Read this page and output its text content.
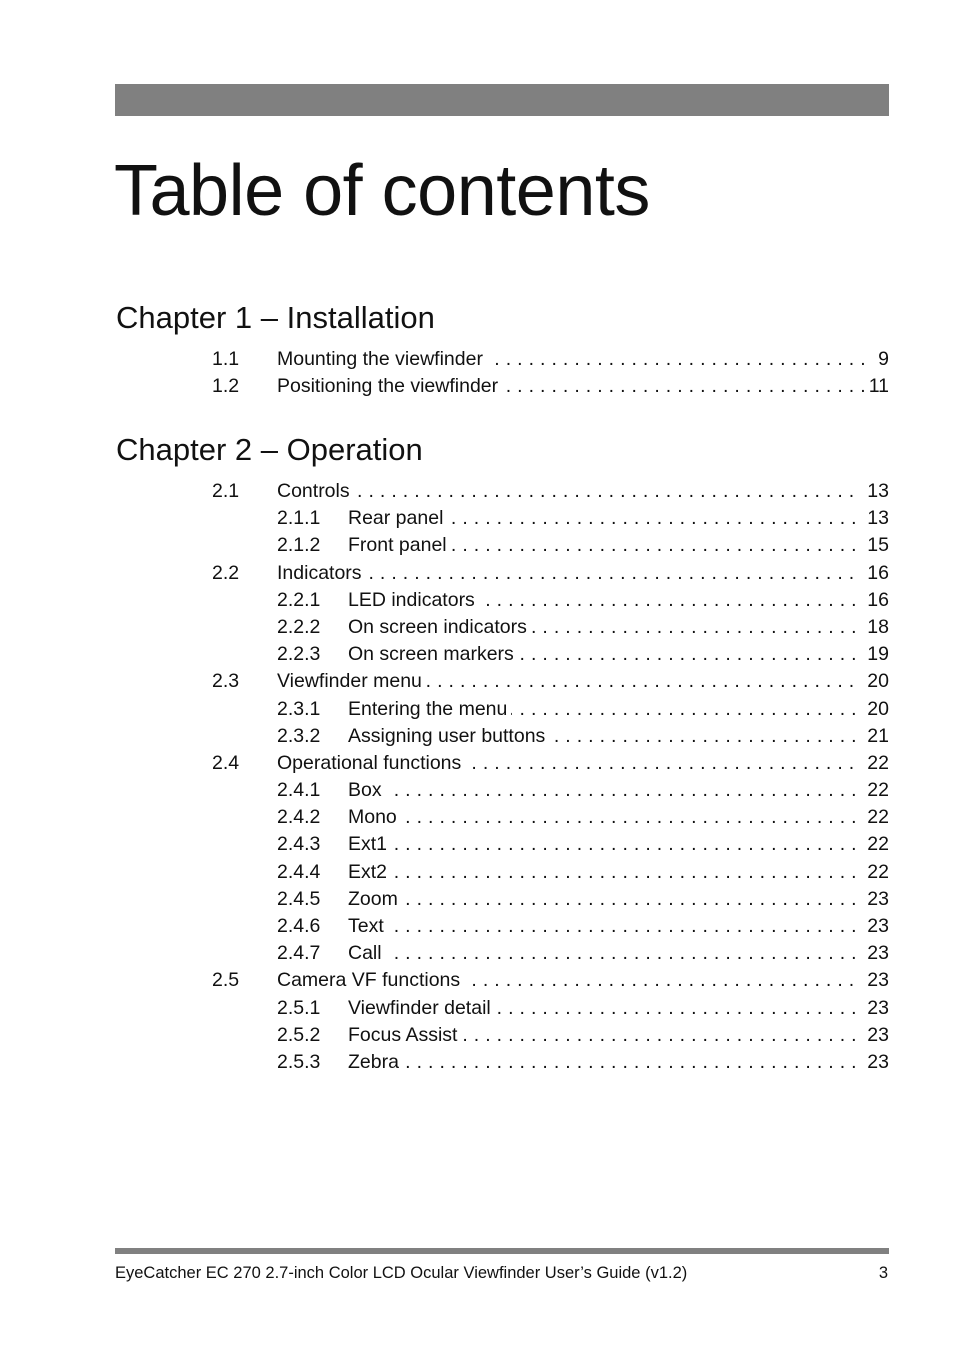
Table of contents
Chapter 1 – Installation
1.1 Mounting the viewfinder . . .	9
1.2 Positioning the viewfinder . . .	11
Chapter 2 – Operation
2.1 Controls . . .	13
2.1.1 Rear panel . . .	13
2.1.2 Front panel . . .	15
2.2 Indicators . . .	16
2.2.1 LED indicators . . .	16
2.2.2 On screen indicators . . .	18
2.2.3 On screen markers . . .	19
2.3 Viewfinder menu . . .	20
2.3.1 Entering the menu . . .	20
2.3.2 Assigning user buttons . . .	21
2.4 Operational functions . . .	22
2.4.1 Box . . .	22
2.4.2 Mono . . .	22
2.4.3 Ext1 . . .	22
2.4.4 Ext2 . . .	22
2.4.5 Zoom . . .	23
2.4.6 Text . . .	23
2.4.7 Call . . .	23
2.5 Camera VF functions . . .	23
2.5.1 Viewfinder detail . . .	23
2.5.2 Focus Assist . . .	23
2.5.3 Zebra . . .	23
EyeCatcher EC 270 2.7-inch Color LCD Ocular Viewfinder User’s Guide (v1.2)	3
